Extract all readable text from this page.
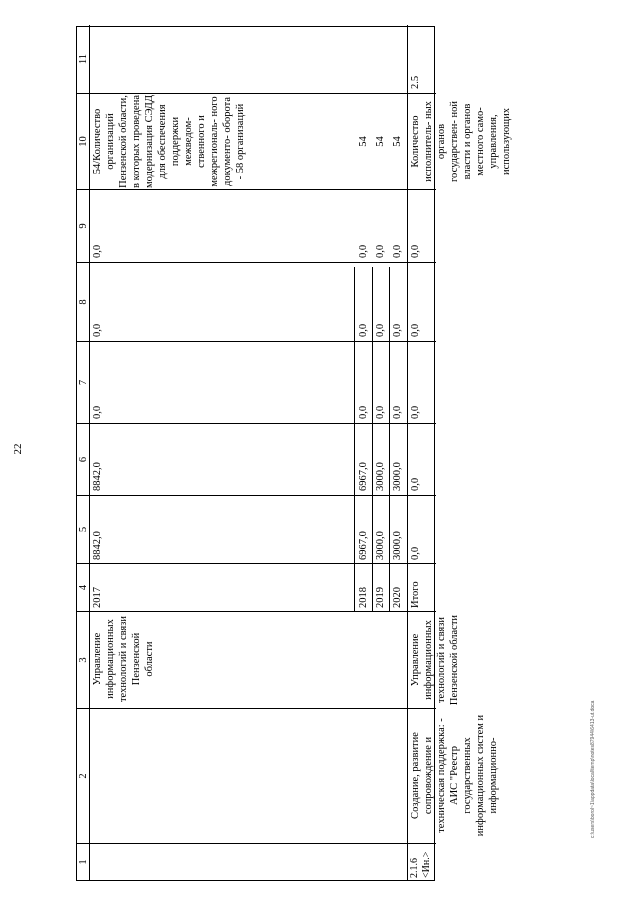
22
1
2
3
4
5
6
7
8
9
10
11
Управление информационных технологий и связи Пензенской области
2017
8842,0
8842,0
0,0
0,0
0,0
54/Количество организаций Пензенской области, в которых проведена модернизация СЭДД для обеспечения поддержки межведом- ственного и межрегиональ- ного документо- оборота - 58 организаций
2018
6967,0
6967,0
0,0
0,0
0,0
54
2019
3000,0
3000,0
0,0
0,0
0,0
54
2020
3000,0
3000,0
0,0
0,0
0,0
54
2.1.6 <Ин.>
Создание, развитие сопровождение и техническая поддержка: - АИС "Реестр государственных информационных систем и информационно-
Управление информационных технологий и связи Пензенской области
Итого
0,0
0,0
0,0
0,0
0,0
Количество исполнитель- ных органов государствен- ной власти и органов местного само- управления, использующих
2.5
c:\users\borol~1\appdata\local\temp\notes87944\6413-ut.doca
